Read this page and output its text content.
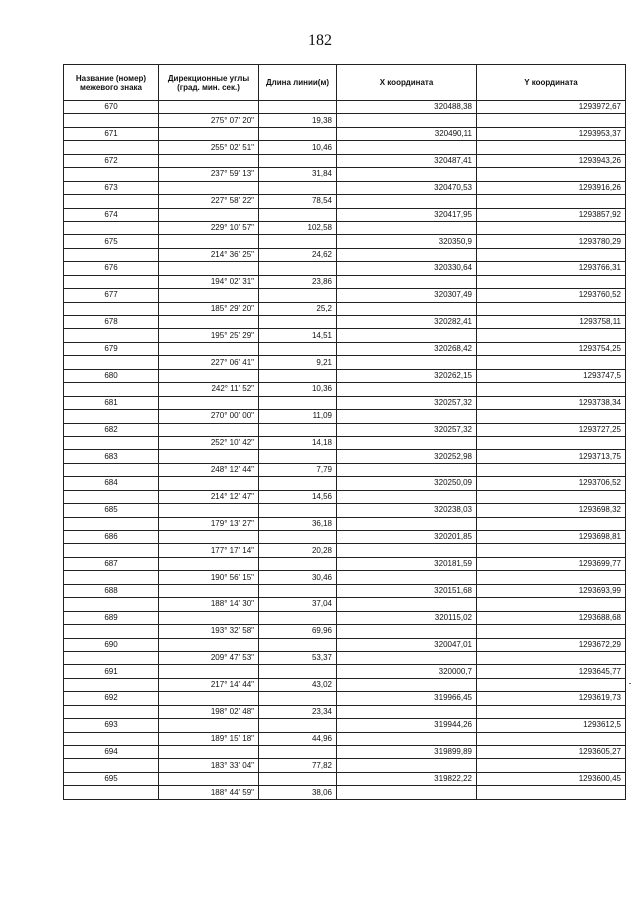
182
Название (номер) межевого знака	Дирекционные углы (град. мин. сек.)	Длина линии(м)	X координата	Y координата
670			320488,38	1293972,67
	275° 07' 20"	19,38		
671			320490,11	1293953,37
	255° 02' 51"	10,46		
672			320487,41	1293943,26
	237° 59' 13"	31,84		
673			320470,53	1293916,26
	227° 58' 22"	78,54		
674			320417,95	1293857,92
	229° 10' 57"	102,58		
675			320350,9	1293780,29
	214° 36' 25"	24,62		
676			320330,64	1293766,31
	194° 02' 31"	23,86		
677			320307,49	1293760,52
	185° 29' 20"	25,2		
678			320282,41	1293758,11
	195° 25' 29"	14,51		
679			320268,42	1293754,25
	227° 06' 41"	9,21		
680			320262,15	1293747,5
	242° 11' 52"	10,36		
681			320257,32	1293738,34
	270° 00' 00"	11,09		
682			320257,32	1293727,25
	252° 10' 42"	14,18		
683			320252,98	1293713,75
	248° 12' 44"	7,79		
684			320250,09	1293706,52
	214° 12' 47"	14,56		
685			320238,03	1293698,32
	179° 13' 27"	36,18		
686			320201,85	1293698,81
	177° 17' 14"	20,28		
687			320181,59	1293699,77
	190° 56' 15"	30,46		
688			320151,68	1293693,99
	188° 14' 30"	37,04		
689			320115,02	1293688,68
	193° 32' 58"	69,96		
690			320047,01	1293672,29
	209° 47' 53"	53,37		
691			320000,7	1293645,77
	217° 14' 44"	43,02		
692			319966,45	1293619,73
	198° 02' 48"	23,34		
693			319944,26	1293612,5
	189° 15' 18"	44,96		
694			319899,89	1293605,27
	183° 33' 04"	77,82		
695			319822,22	1293600,45
	188° 44' 59"	38,06		
